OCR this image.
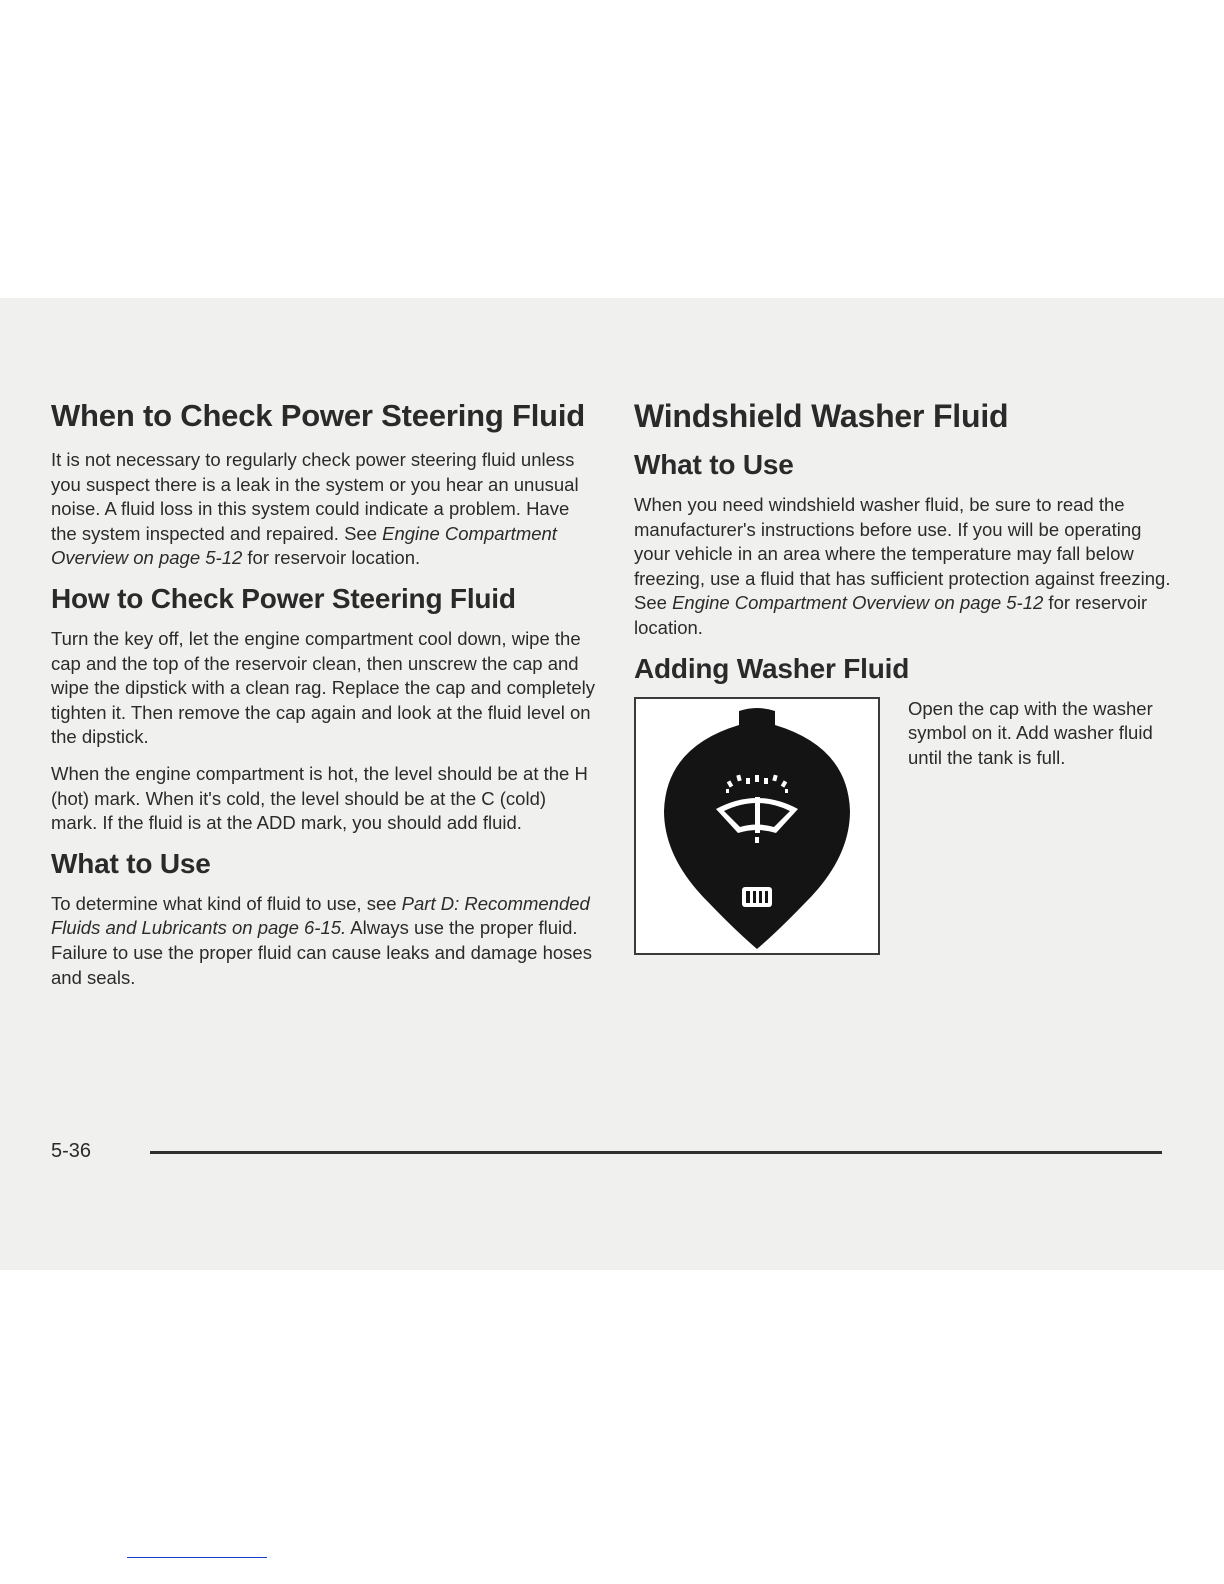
When to Check Power Steering Fluid

It is not necessary to regularly check power steering fluid unless you suspect there is a leak in the system or you hear an unusual noise. A fluid loss in this system could indicate a problem. Have the system inspected and repaired. See Engine Compartment Overview on page 5-12 for reservoir location.

How to Check Power Steering Fluid

Turn the key off, let the engine compartment cool down, wipe the cap and the top of the reservoir clean, then unscrew the cap and wipe the dipstick with a clean rag. Replace the cap and completely tighten it. Then remove the cap again and look at the fluid level on the dipstick.

When the engine compartment is hot, the level should be at the H (hot) mark. When it's cold, the level should be at the C (cold) mark. If the fluid is at the ADD mark, you should add fluid.

What to Use

To determine what kind of fluid to use, see Part D: Recommended Fluids and Lubricants on page 6-15. Always use the proper fluid. Failure to use the proper fluid can cause leaks and damage hoses and seals.

Windshield Washer Fluid
What to Use

When you need windshield washer fluid, be sure to read the manufacturer's instructions before use. If you will be operating your vehicle in an area where the temperature may fall below freezing, use a fluid that has sufficient protection against freezing. See Engine Compartment Overview on page 5-12 for reservoir location.

Adding Washer Fluid

Open the cap with the washer symbol on it. Add washer fluid until the tank is full.

5-36
